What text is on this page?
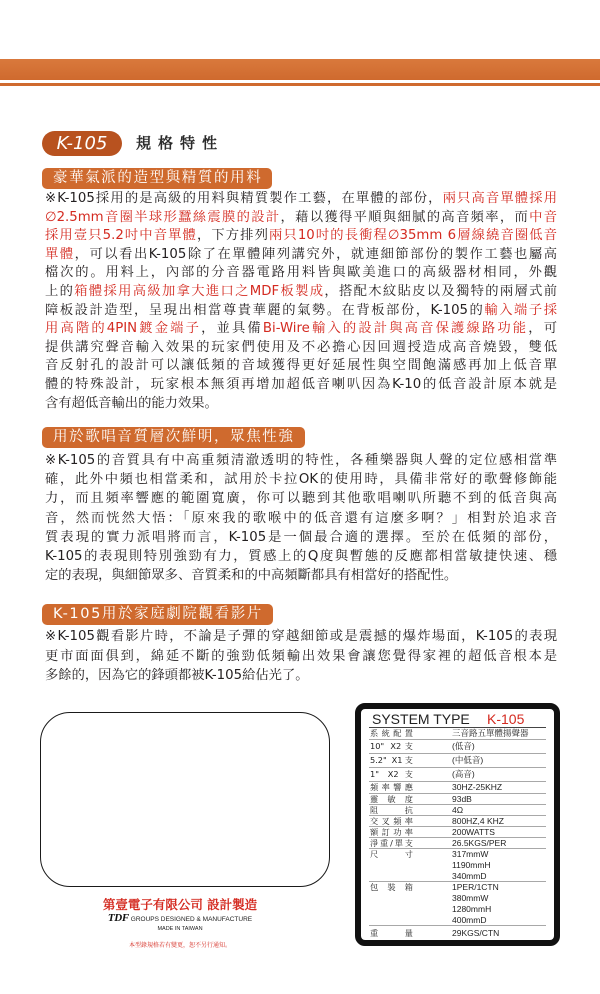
K-105	規格特性
豪華氣派的造型與精質的用料
※K-105採用的是高級的用料與精質製作工藝，在單體的部份，兩只高音單體採用
∅2.5mm音圈半球形蠶絲震膜的設計，藉以獲得平順與細膩的高音頻率，而中音
採用壹只5.2吋中音單體，下方排列兩只10吋的長衝程∅35mm 6層線繞音圈低音
單體，可以看出K-105除了在單體陣列講究外，就連細節部份的製作工藝也屬高
檔次的。用料上，內部的分音器電路用料皆與歐美進口的高級器材相同，外觀
上的箱體採用高級加拿大進口之MDF板製成，搭配木紋貼皮以及獨特的兩層式前
障板設計造型，呈現出相當尊貴華麗的氣勢。在背板部份，K-105的輸入端子採
用高階的4PIN鍍金端子，並具備Bi-Wire輸入的設計與高音保護線路功能，可
提供講究聲音輸入效果的玩家們使用及不必擔心因回週授造成高音燒毀，雙低
音反射孔的設計可以讓低頻的音域獲得更好延展性與空間飽滿感再加上低音單
體的特殊設計，玩家根本無須再增加超低音喇叭因為K-10的低音設計原本就是
含有超低音輸出的能力效果。
用於歌唱音質層次鮮明，眾焦性強
※K-105的音質具有中高重頻清澈透明的特性，各種樂器與人聲的定位感相當準
確，此外中頻也相當柔和，試用於卡拉OK的使用時，具備非常好的歌聲修飾能
力，而且頻率響應的範圍寬廣，你可以聽到其他歌唱喇叭所聽不到的低音與高
音，然而恍然大悟：「原來我的歌喉中的低音還有這麼多啊？」相對於追求音
質表現的實力派唱將而言，K-105是一個最合適的選擇。至於在低頻的部份，
K-105的表現則特別強勁有力，質感上的Q度與暫態的反應都相當敏捷快速、穩
定的表現，與細節眾多、音質柔和的中高頻斷都具有相當好的搭配性。
K-105用於家庭劇院觀看影片
※K-105觀看影片時，不論是子彈的穿越細節或是震撼的爆炸場面，K-105的表現
更市面面俱到，綿延不斷的強勁低頻輸出效果會讓您覺得家裡的超低音根本是
多餘的，因為它的鋒頭都被K-105給佔光了。
第壹電子有限公司 設計製造
TDF GROUPS DESIGNED & MANUFACTURE
MADE IN TAIWAN
本型錄規格若有變更，恕不另行通知。
SYSTEM TYPE K-105
系統配置	三音路五單體揚聲器
10" X2支	(低音)
5.2" X1支	(中低音)
1" X2支	(高音)
頻率響應	30HZ-25KHZ
靈敏度	93dB
阻抗	4Ω
交叉頻率	800HZ,4 KHZ
額訂功率	200WATTS
淨重/單支	26.5KGS/PER
尺寸	317mmW
1190mmH
340mmD
包裝箱	1PER/1CTN
380mmW
1280mmH
400mmD
重量	29KGS/CTN
